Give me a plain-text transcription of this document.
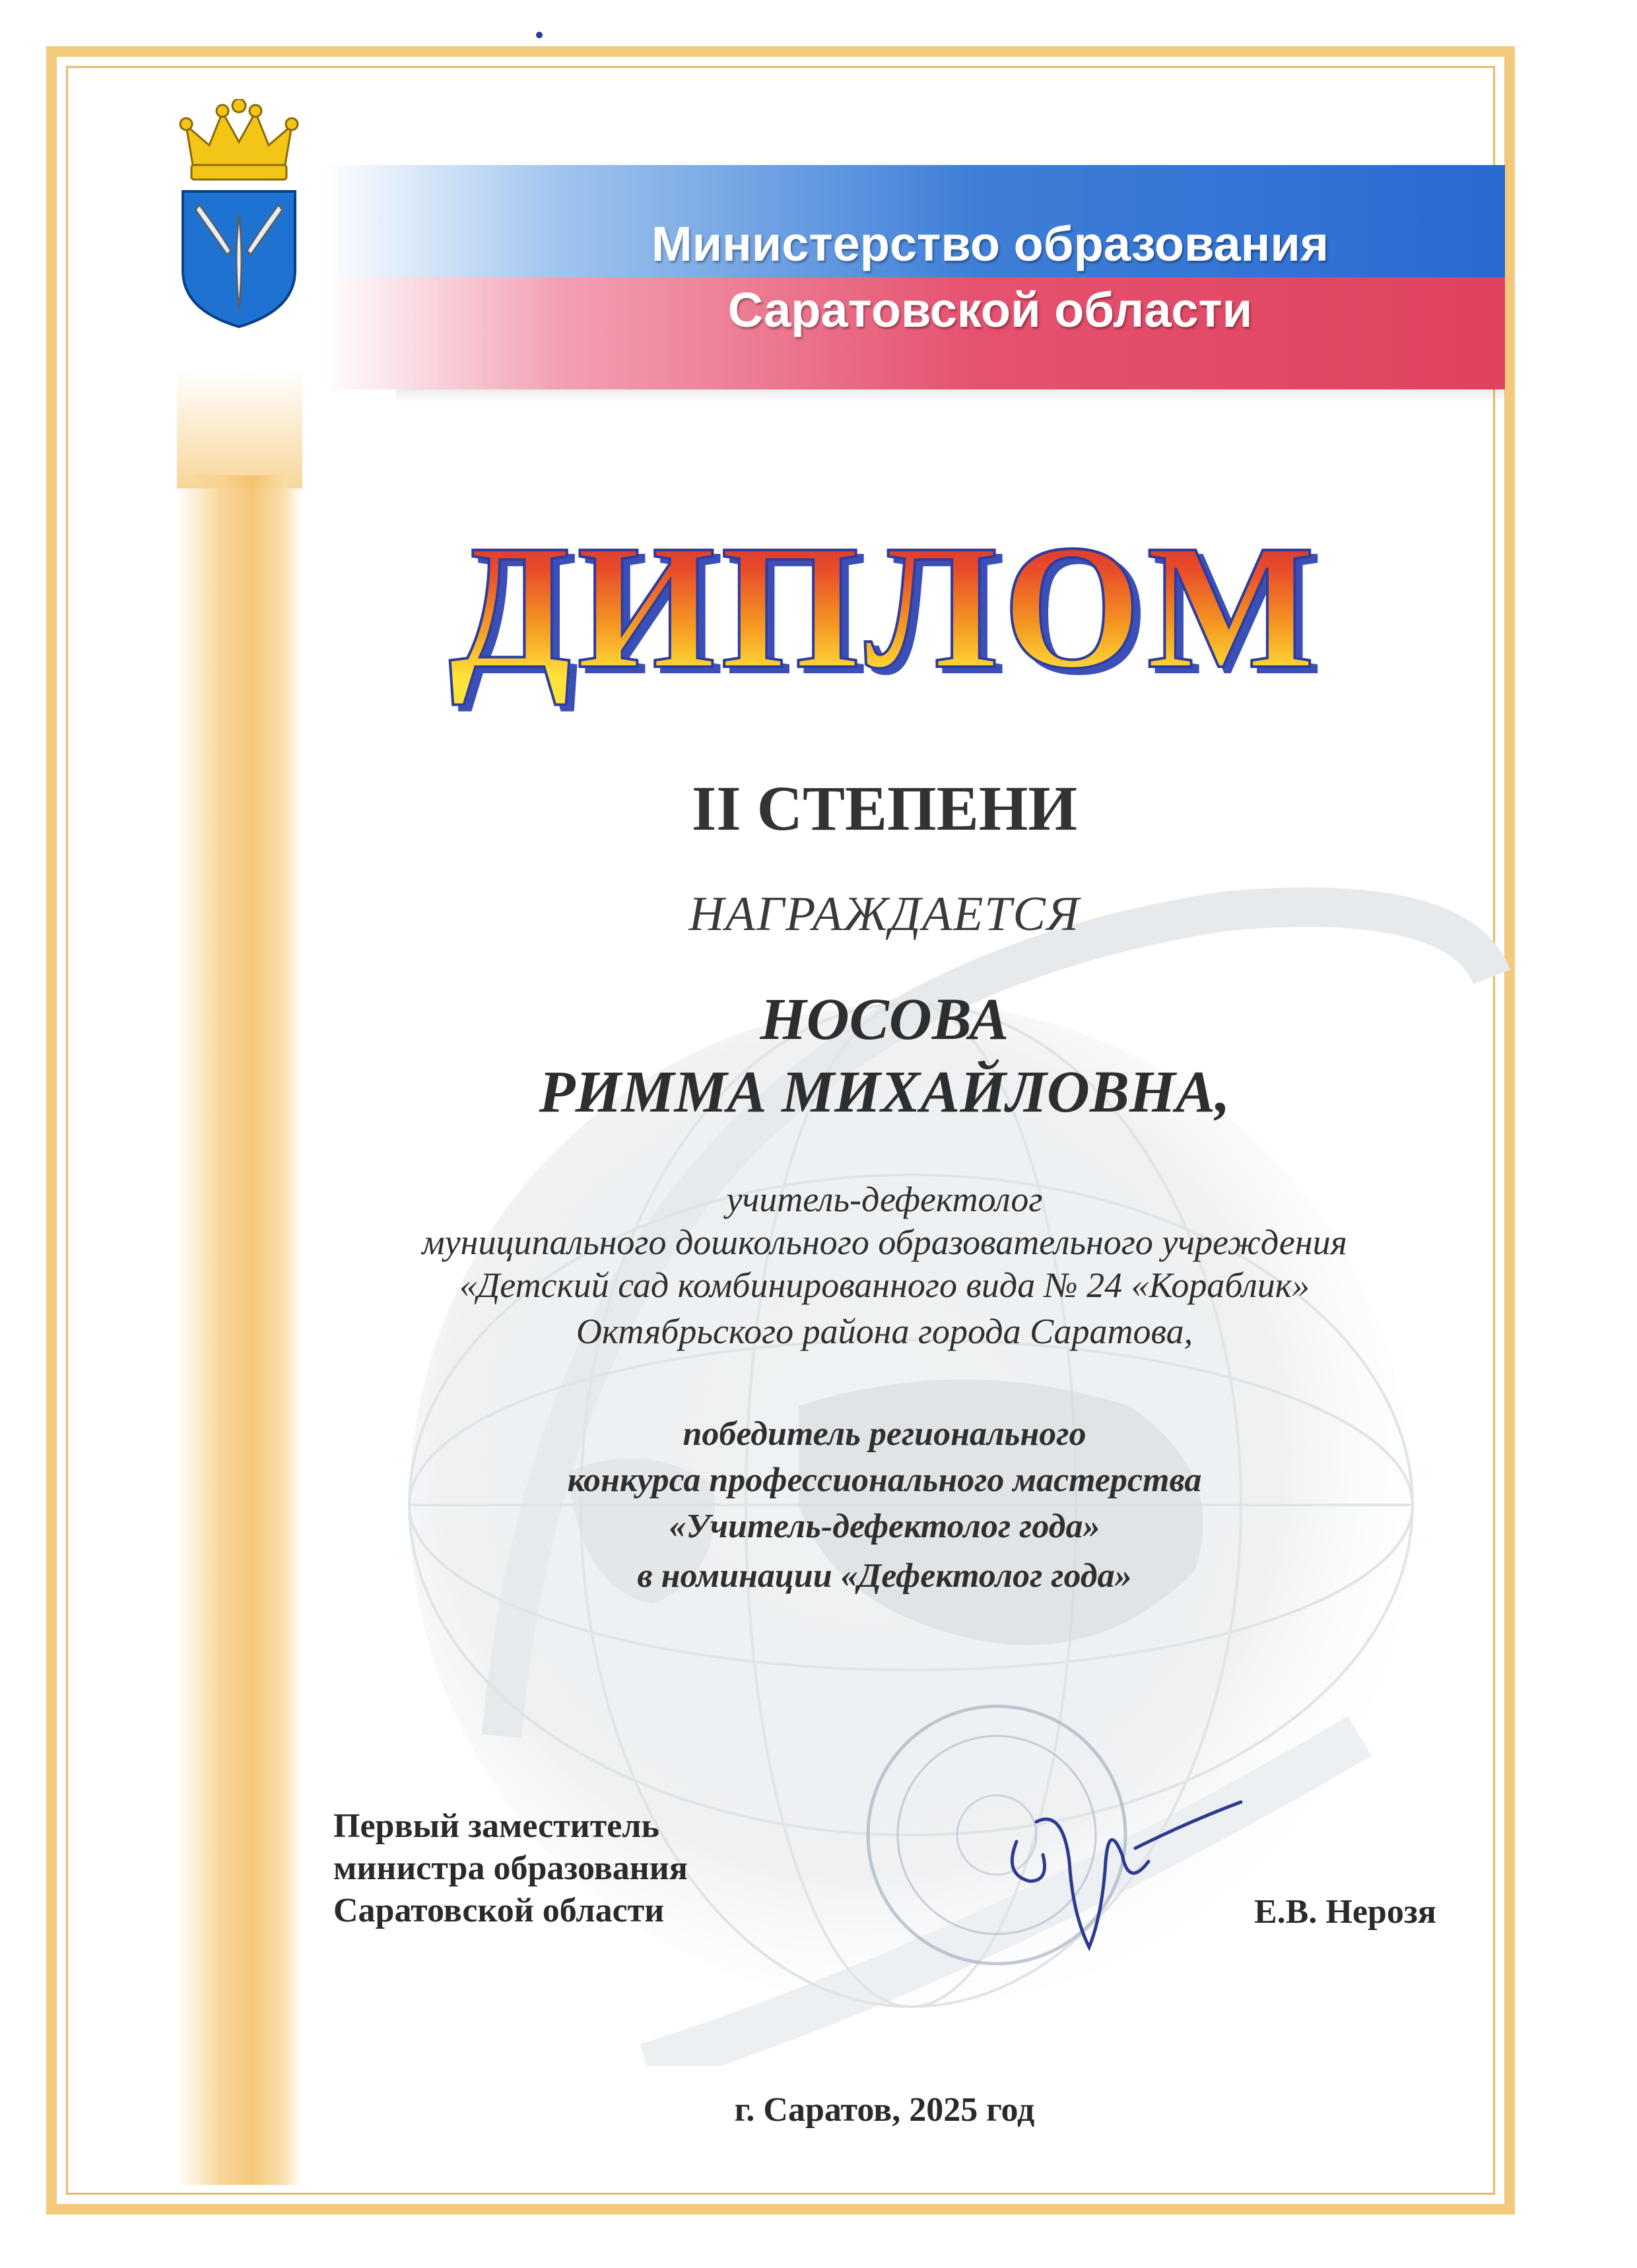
Министерство образования
Саратовской области
ДИПЛОМ
II СТЕПЕНИ
НАГРАЖДАЕТСЯ
НОСОВА
РИММА МИХАЙЛОВНА,
учитель-дефектолог
муниципального дошкольного образовательного учреждения
«Детский сад комбинированного вида № 24 «Кораблик»
Октябрьского района города Саратова,
победитель регионального
конкурса профессионального мастерства
«Учитель-дефектолог года»
в номинации «Дефектолог года»
Первый заместитель
министра образования
Саратовской области	Е.В. Нерозя
г. Саратов, 2025 год
